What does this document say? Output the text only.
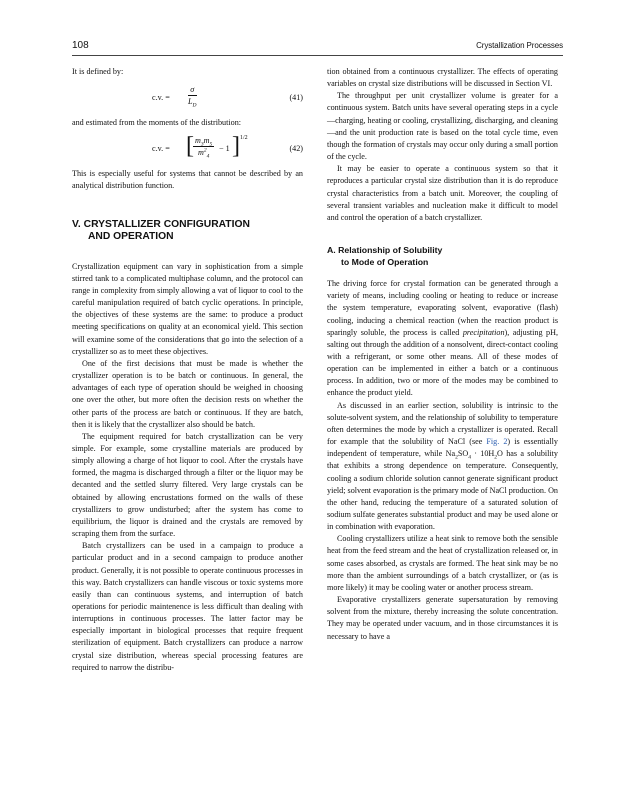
108	Crystallization Processes

It is defined by:

c.v. = $\frac{\sigma}{L_D}$	(41)

and estimated from the moments of the distribution:

c.v. = [ $\frac{m_3m_5}{m^2_4} - 1$ ] 1/2
(42)

This is especially useful for systems that cannot be described by an analytical distribution function.

V. CRYSTALLIZER CONFIGURATION
AND OPERATION

Crystallization equipment can vary in sophistication from a simple stirred tank to a complicated multiphase column, and the protocol can range in complexity from simply allowing a vat of liquor to cool to the careful manipulation required of batch cyclic operations. In principle, the objectives of these systems are the same: to produce a product meeting specifications on quality at an economical yield. This section will examine some of the considerations that go into the selection of a crystallizer so as to meet these objectives.

One of the first decisions that must be made is whether the crystallizer operation is to be batch or continuous. In general, the advantages of each type of operation should be weighed in choosing one over the other, but more often the decision rests on whether the other parts of the process are batch or continuous. If they are batch, then it is likely that the crystallizer also should be batch.

The equipment required for batch crystallization can be very simple. For example, some crystalline materials are produced by simply allowing a charge of hot liquor to cool. After the crystals have formed, the magma is discharged through a filter or the liquor may be decanted and the settled slurry filtered. Very large crystals can be obtained by allowing encrustations formed on the walls of these crystallizers to grow undisturbed; after the system has come to equilibrium, the liquor is drained and the crystals are removed by scraping them from the surface.

Batch crystallizers can be used in a campaign to produce a particular product and in a second campaign to produce another product. Generally, it is not possible to operate continuous processes in this way. Batch crystallizers can handle viscous or toxic systems more easily than can continuous systems, and interruption of batch operations for periodic maintenence is less difficult than dealing with interruptions in continuous processes. The latter factor may be especially important in biological processes that require frequent sterilization of equipment. Batch crystallizers can produce a narrow crystal size distribution, whereas special processing features are required to narrow the distribu-

tion obtained from a continuous crystallizer. The effects of operating variables on crystal size distributions will be discussed in Section VI.

The throughput per unit crystallizer volume is greater for a continuous system. Batch units have several operating steps in a cycle—charging, heating or cooling, crystallizing, discharging, and cleaning—and the unit production rate is based on the total cycle time, even though the formation of crystals may occur only during a small portion of the cycle.

It may be easier to operate a continuous system so that it reproduces a particular crystal size distribution than it is do reproduce crystal characteristics from a batch unit. Moreover, the coupling of several transient variables and nucleation make it difficult to model and control the operation of a batch crystallizer.

A. Relationship of Solubility
to Mode of Operation

The driving force for crystal formation can be generated through a variety of means, including cooling or heating to reduce or increase the system temperature, evaporating solvent, evaporative (flash) cooling, inducing a chemical reaction (when the reaction product is sparingly soluble, the process is called precipitation), adjusting pH, salting out through the addition of a nonsolvent, direct-contact cooling with a refrigerant, or some other means. All of these modes of operation can be implemented in either a batch or a continuous process. In addition, two or more of the modes may be combined to enhance the product yield.

As discussed in an earlier section, solubility is intrinsic to the solute-solvent system, and the relationship of solubility to temperature often determines the mode by which a crystallizer is operated. Recall for example that the solubility of NaCl (see Fig. 2) is essentially independent of temperature, while $Na_2SO_4 \cdot 10H_2O$ has a solubility that exhibits a strong dependence on temperature. Consequently, cooling a sodium chloride solution cannot generate significant product yield; solvent evaporation is the primary mode of NaCl production. On the other hand, reducing the temperature of a saturated solution of sodium sulfate generates substantial product and may be used alone or in combination with evaporation.

Cooling crystallizers utilize a heat sink to remove both the sensible heat from the feed stream and the heat of crystallization released or, in some cases absorbed, as crystals are formed. The heat sink may be no more than the ambient surroundings of a batch crystallizer, or (as is more likely) it may be cooling water or another process stream.

Evaporative crystallizers generate supersaturation by removing solvent from the mixture, thereby increasing the solute concentration. They may be operated under vacuum, and in those circumstances it is necessary to have a
